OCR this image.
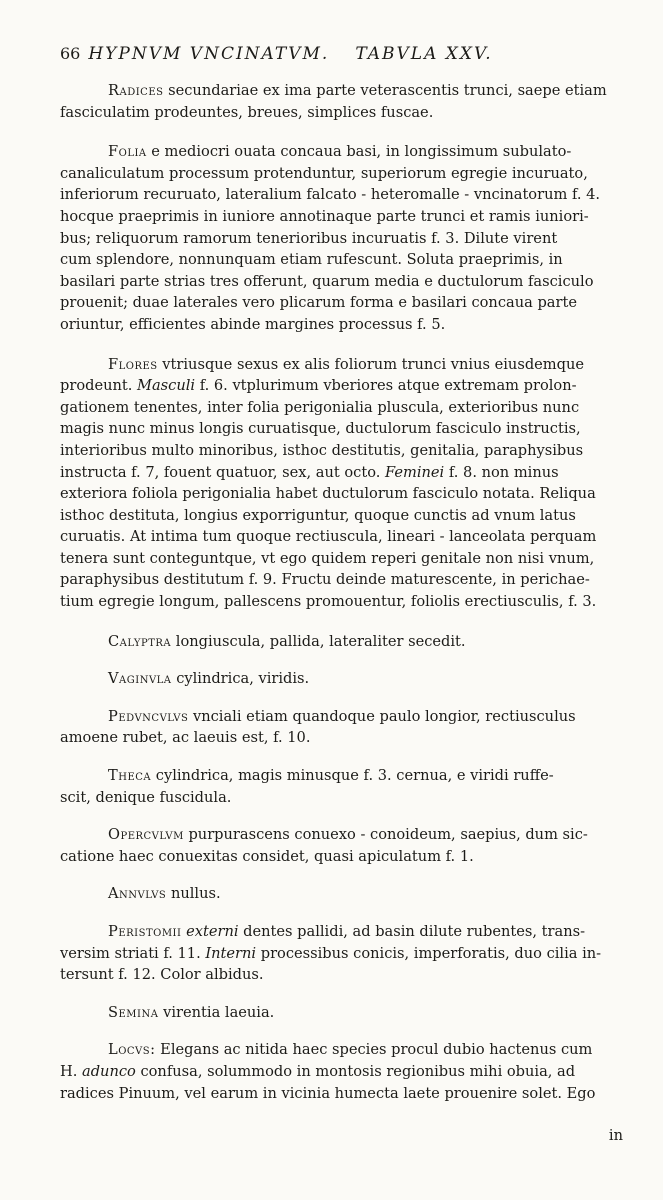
66 HYPNVM VNCINATVM. TABVLA XXV.

Radices secundariae ex ima parte veterascentis trunci, saepe etiam
fasciculatim prodeuntes, breues, simplices fuscae.

Folia e mediocri ouata concaua basi, in longissimum subulato-
canaliculatum processum protenduntur, superiorum egregie incuruato,
inferiorum recuruato, lateralium falcato - heteromalle - vncinatorum f. 4.
hocque praeprimis in iuniore annotinaque parte trunci et ramis iuniori-
bus; reliquorum ramorum tenerioribus incuruatis f. 3. Dilute virent
cum splendore, nonnunquam etiam rufescunt. Soluta praeprimis, in
basilari parte strias tres offerunt, quarum media e ductulorum fasciculo
prouenit; duae laterales vero plicarum forma e basilari concaua parte
oriuntur, efficientes abinde margines processus f. 5.

Flores vtriusque sexus ex alis foliorum trunci vnius eiusdemque
prodeunt. Masculi f. 6. vtplurimum vberiores atque extremam prolon-
gationem tenentes, inter folia perigonialia pluscula, exterioribus nunc
magis nunc minus longis curuatisque, ductulorum fasciculo instructis,
interioribus multo minoribus, isthoc destitutis, genitalia, paraphysibus
instructa f. 7, fouent quatuor, sex, aut octo. Feminei f. 8. non minus
exteriora foliola perigonialia habet ductulorum fasciculo notata. Reliqua
isthoc destituta, longius exporriguntur, quoque cunctis ad vnum latus
curuatis. At intima tum quoque rectiuscula, lineari - lanceolata perquam
tenera sunt conteguntque, vt ego quidem reperi genitale non nisi vnum,
paraphysibus destitutum f. 9. Fructu deinde maturescente, in perichae-
tium egregie longum, pallescens promouentur, foliolis erectiusculis, f. 3.

Calyptra longiuscula, pallida, lateraliter secedit.

Vaginvla cylindrica, viridis.

Pedvncvlvs vnciali etiam quandoque paulo longior, rectiusculus
amoene rubet, ac laeuis est, f. 10.

Theca cylindrica, magis minusque f. 3. cernua, e viridi ruffe-
scit, denique fuscidula.

Opercvlvm purpurascens conuexo - conoideum, saepius, dum sic-
catione haec conuexitas considet, quasi apiculatum f. 1.

Annvlvs nullus.

Peristomii externi dentes pallidi, ad basin dilute rubentes, trans-
versim striati f. 11. Interni processibus conicis, imperforatis, duo cilia in-
tersunt f. 12. Color albidus.

Semina virentia laeuia.

Locvs: Elegans ac nitida haec species procul dubio hactenus cum
H. adunco confusa, solummodo in montosis regionibus mihi obuia, ad
radices Pinuum, vel earum in vicinia humecta laete prouenire solet. Ego

in
